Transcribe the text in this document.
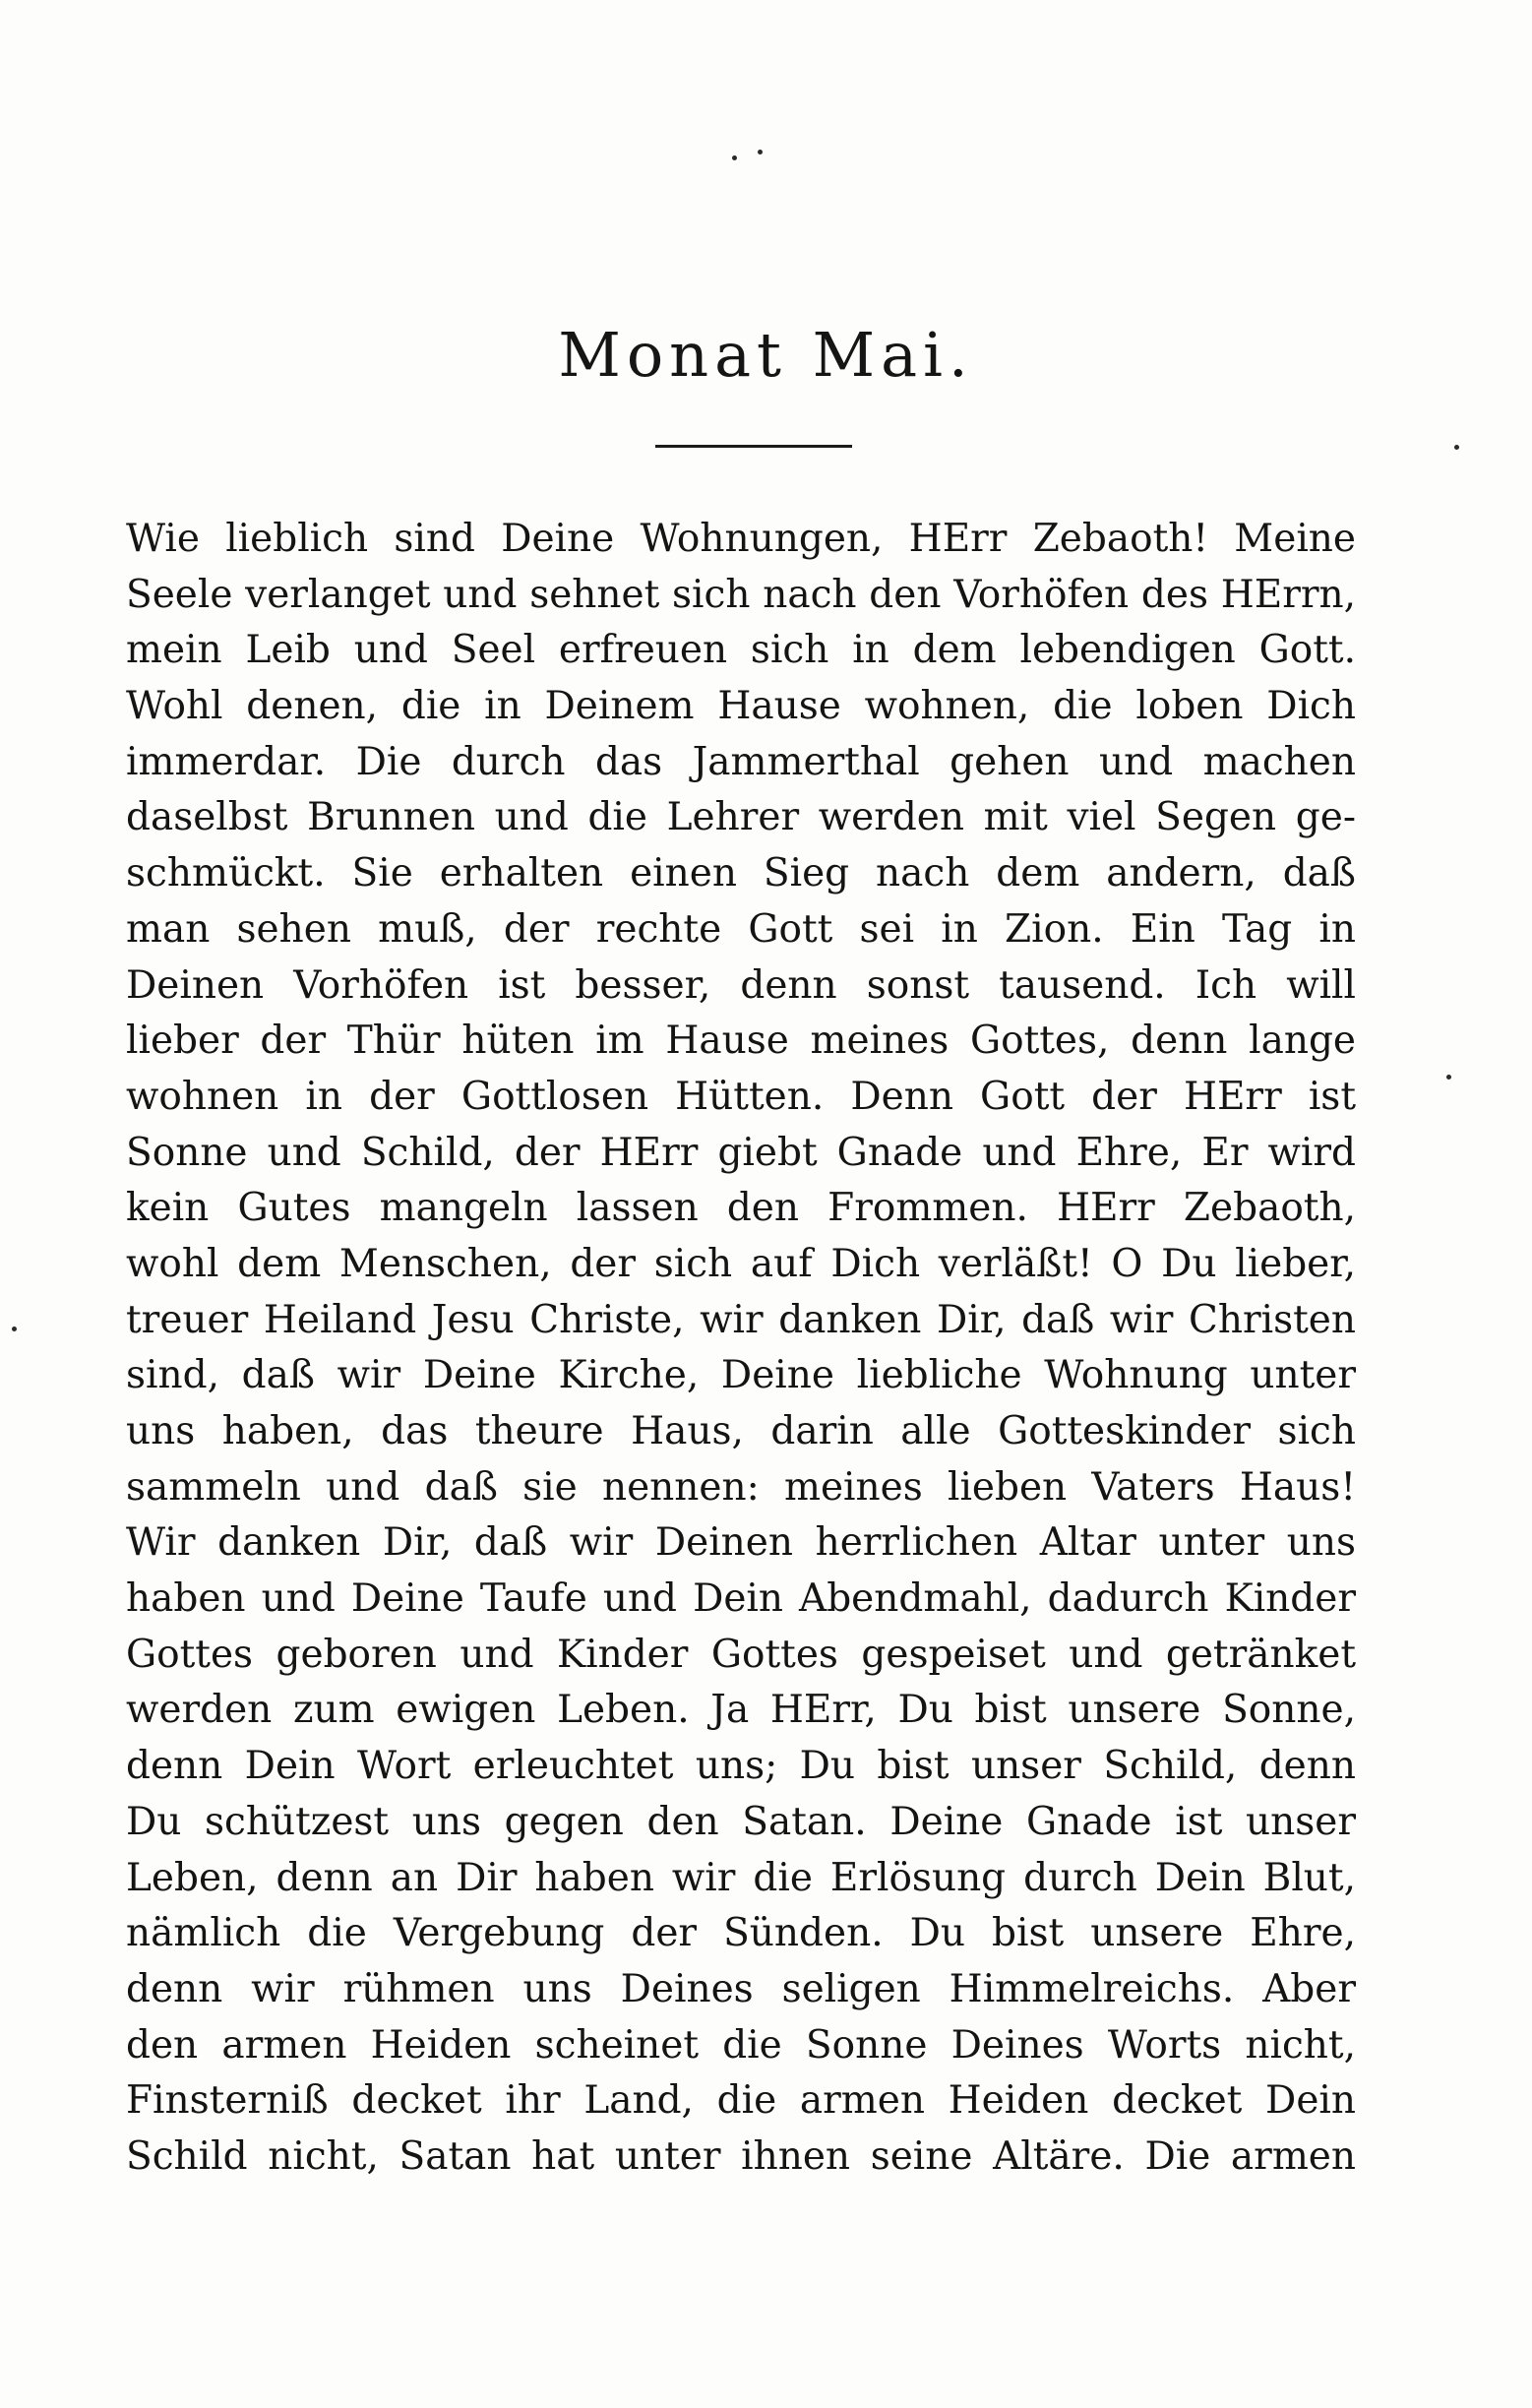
Monat Mai.
Wie lieblich sind Deine Wohnungen, HErr Zebaoth! Meine
Seele verlanget und sehnet sich nach den Vorhöfen des HErrn,
mein Leib und Seel erfreuen sich in dem lebendigen Gott.
Wohl denen, die in Deinem Hause wohnen, die loben Dich
immerdar. Die durch das Jammerthal gehen und machen
daselbst Brunnen und die Lehrer werden mit viel Segen ge-
schmückt. Sie erhalten einen Sieg nach dem andern, daß
man sehen muß, der rechte Gott sei in Zion. Ein Tag in
Deinen Vorhöfen ist besser, denn sonst tausend. Ich will
lieber der Thür hüten im Hause meines Gottes, denn lange
wohnen in der Gottlosen Hütten. Denn Gott der HErr ist
Sonne und Schild, der HErr giebt Gnade und Ehre, Er wird
kein Gutes mangeln lassen den Frommen. HErr Zebaoth,
wohl dem Menschen, der sich auf Dich verläßt! O Du lieber,
treuer Heiland Jesu Christe, wir danken Dir, daß wir Christen
sind, daß wir Deine Kirche, Deine liebliche Wohnung unter
uns haben, das theure Haus, darin alle Gotteskinder sich
sammeln und daß sie nennen: meines lieben Vaters Haus!
Wir danken Dir, daß wir Deinen herrlichen Altar unter uns
haben und Deine Taufe und Dein Abendmahl, dadurch Kinder
Gottes geboren und Kinder Gottes gespeiset und getränket
werden zum ewigen Leben. Ja HErr, Du bist unsere Sonne,
denn Dein Wort erleuchtet uns; Du bist unser Schild, denn
Du schützest uns gegen den Satan. Deine Gnade ist unser
Leben, denn an Dir haben wir die Erlösung durch Dein Blut,
nämlich die Vergebung der Sünden. Du bist unsere Ehre,
denn wir rühmen uns Deines seligen Himmelreichs. Aber
den armen Heiden scheinet die Sonne Deines Worts nicht,
Finsterniß decket ihr Land, die armen Heiden decket Dein
Schild nicht, Satan hat unter ihnen seine Altäre. Die armen
